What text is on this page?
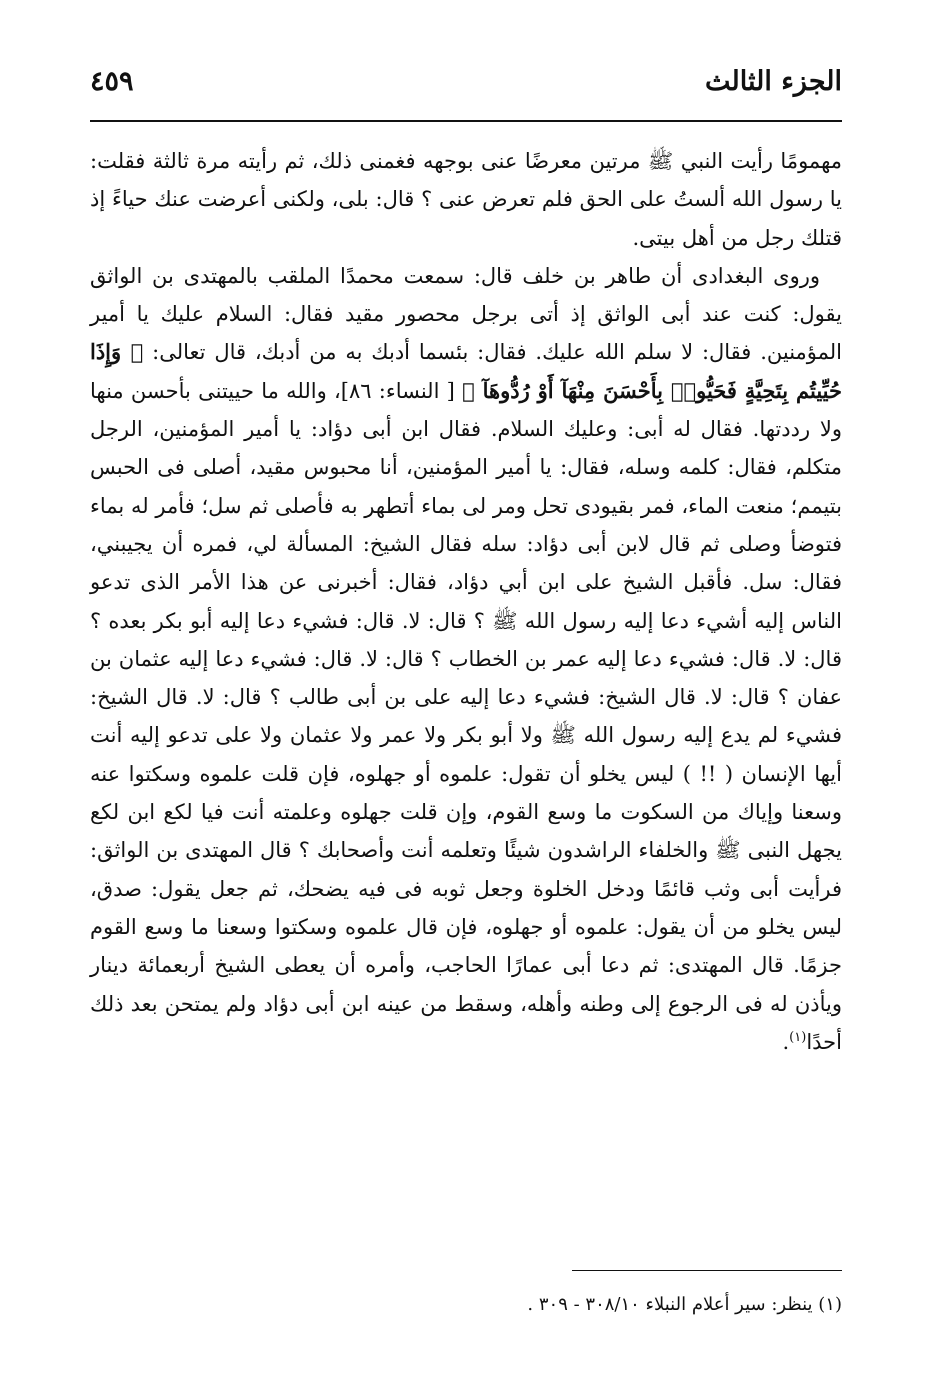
الجزء الثالث
٤٥٩

مهمومًا رأيت النبي ﷺ مرتين معرضًا عنى بوجهه فغمنى ذلك، ثم رأيته مرة ثالثة فقلت: يا رسول الله ألستُ على الحق فلم تعرض عنى ؟ قال: بلى، ولكنى أعرضت عنك حياءً إذ قتلك رجل من أهل بيتى.

وروى البغدادى أن طاهر بن خلف قال: سمعت محمدًا الملقب بالمهتدى بن الواثق يقول: كنت عند أبى الواثق إذ أتى برجل محصور مقيد فقال: السلام عليك يا أمير المؤمنين. فقال: لا سلم الله عليك. فقال: بئسما أدبك به من أدبك، قال تعالى: ﴿ وَإِذَا حُيِّيتُم بِتَحِيَّةٍ فَحَيُّوا۟ بِأَحْسَنَ مِنْهَآ أَوْ رُدُّوهَآ ﴾ [ النساء: ٨٦]، والله ما حييتنى بأحسن منها ولا رددتها. فقال له أبى: وعليك السلام. فقال ابن أبى دؤاد: يا أمير المؤمنين، الرجل متكلم، فقال: كلمه وسله، فقال: يا أمير المؤمنين، أنا محبوس مقيد، أصلى فى الحبس بتيمم؛ منعت الماء، فمر بقيودى تحل ومر لى بماء أتطهر به فأصلى ثم سل؛ فأمر له بماء فتوضأ وصلى ثم قال لابن أبى دؤاد: سله فقال الشيخ: المسألة لي، فمره أن يجيبني، فقال: سل. فأقبل الشيخ على ابن أبي دؤاد، فقال: أخبرنى عن هذا الأمر الذى تدعو الناس إليه أشيء دعا إليه رسول الله ﷺ ؟ قال: لا. قال: فشيء دعا إليه أبو بكر بعده ؟ قال: لا. قال: فشيء دعا إليه عمر بن الخطاب ؟ قال: لا. قال: فشيء دعا إليه عثمان بن عفان ؟ قال: لا. قال الشيخ: فشيء دعا إليه على بن أبى طالب ؟ قال: لا. قال الشيخ: فشيء لم يدع إليه رسول الله ﷺ ولا أبو بكر ولا عمر ولا عثمان ولا على تدعو إليه أنت أيها الإنسان ( !! ) ليس يخلو أن تقول: علموه أو جهلوه، فإن قلت علموه وسكتوا عنه وسعنا وإياك من السكوت ما وسع القوم، وإن قلت جهلوه وعلمته أنت فيا لكع ابن لكع يجهل النبى ﷺ والخلفاء الراشدون شيئًا وتعلمه أنت وأصحابك ؟ قال المهتدى بن الواثق: فرأيت أبى وثب قائمًا ودخل الخلوة وجعل ثوبه فى فيه يضحك، ثم جعل يقول: صدق، ليس يخلو من أن يقول: علموه أو جهلوه، فإن قال علموه وسكتوا وسعنا ما وسع القوم جزمًا. قال المهتدى: ثم دعا أبى عمارًا الحاجب، وأمره أن يعطى الشيخ أربعمائة دينار ويأذن له فى الرجوع إلى وطنه وأهله، وسقط من عينه ابن أبى دؤاد ولم يمتحن بعد ذلك أحدًا$^{(١)}$.

(١) ينظر: سير أعلام النبلاء ٣٠٨/١٠ - ٣٠٩ .
